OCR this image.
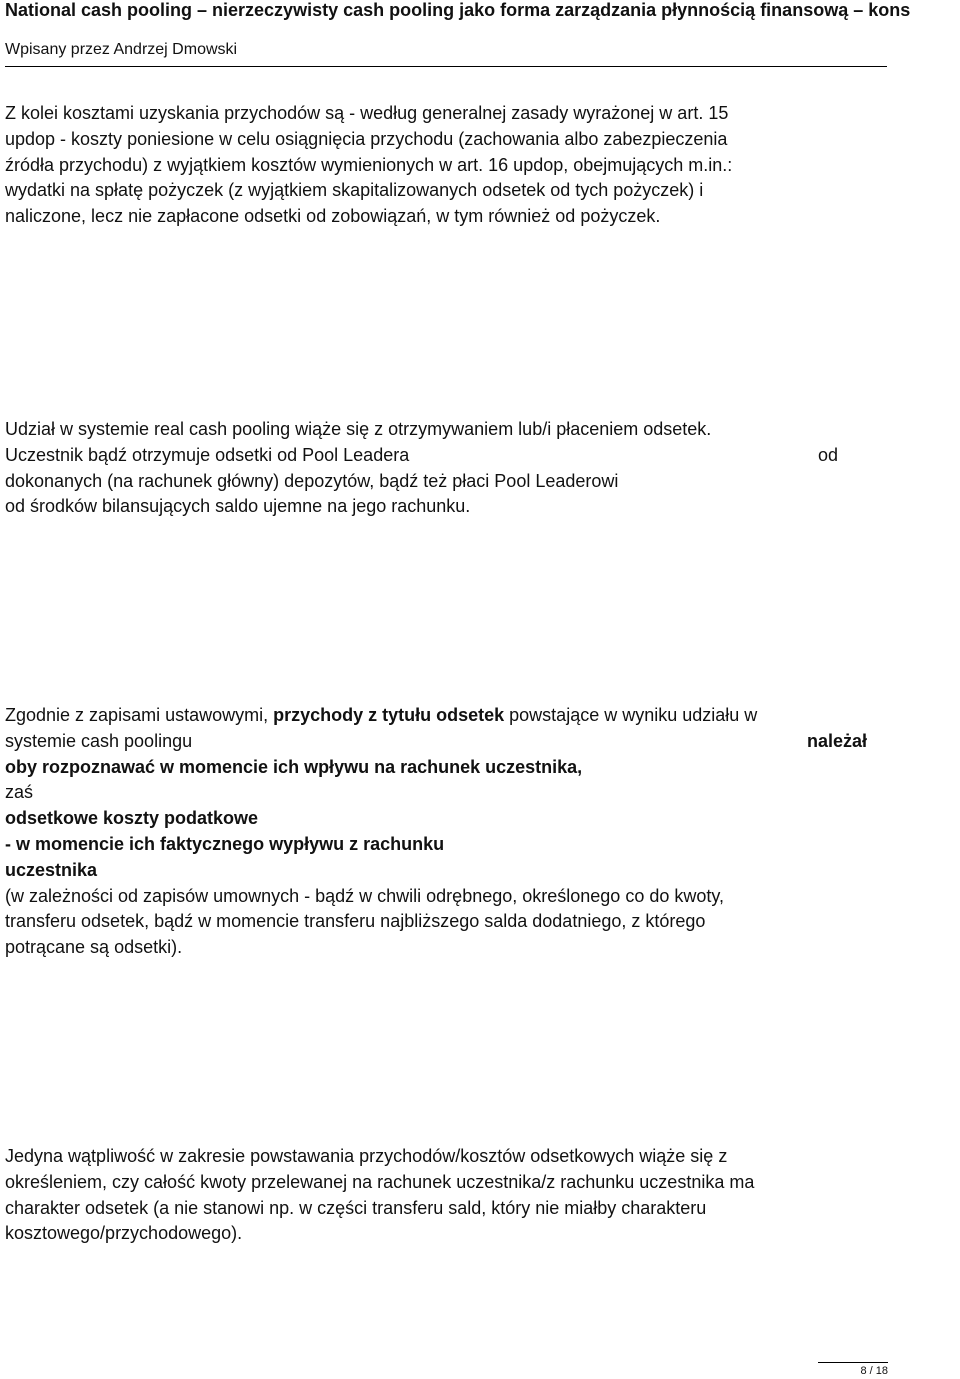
National cash pooling – nierzeczywisty cash pooling jako forma zarządzania płynnością finansową – kons
Wpisany przez Andrzej Dmowski
Z kolei kosztami uzyskania przychodów są - według generalnej zasady wyrażonej w art. 15
updop - koszty poniesione w celu osiągnięcia przychodu (zachowania albo zabezpieczenia
źródła przychodu) z wyjątkiem kosztów wymienionych w art. 16 updop, obejmujących m.in.:
wydatki na spłatę pożyczek (z wyjątkiem skapitalizowanych odsetek od tych pożyczek) i
naliczone, lecz nie zapłacone odsetki od zobowiązań, w tym również od pożyczek.
Udział w systemie real cash pooling wiąże się z otrzymywaniem lub/i płaceniem odsetek.
Uczestnik bądź otrzymuje odsetki od Pool Leadera	od
dokonanych (na rachunek główny) depozytów, bądź też płaci Pool Leaderowi
od środków bilansujących saldo ujemne na jego rachunku.
Zgodnie z zapisami ustawowymi, przychody z tytułu odsetek powstające w wyniku udziału w
systemie cash poolingu	należał
oby rozpoznawać w momencie ich wpływu na rachunek uczestnika,
zaś
odsetkowe koszty podatkowe
- w momencie ich faktycznego wypływu z rachunku
uczestnika
(w zależności od zapisów umownych - bądź w chwili odrębnego, określonego co do kwoty,
transferu odsetek, bądź w momencie transferu najbliższego salda dodatniego, z którego
potrącane są odsetki).
Jedyna wątpliwość w zakresie powstawania przychodów/kosztów odsetkowych wiąże się z
określeniem, czy całość kwoty przelewanej na rachunek uczestnika/z rachunku uczestnika ma
charakter odsetek (a nie stanowi np. w części transferu sald, który nie miałby charakteru
kosztowego/przychodowego).
8 / 18
